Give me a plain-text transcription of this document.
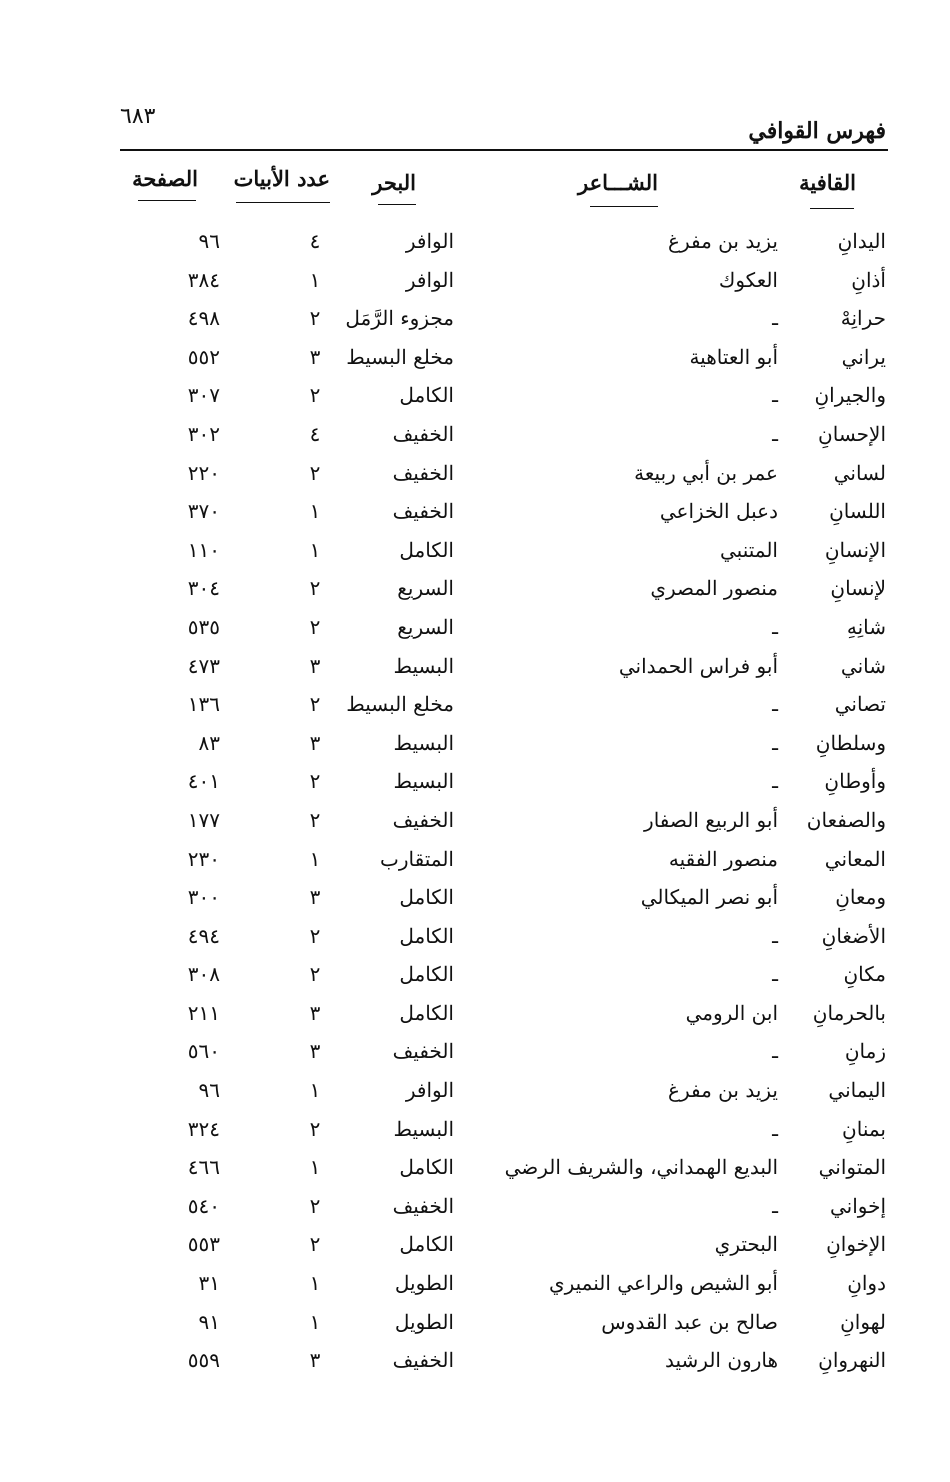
٦٨٣
فهرس القوافي
القافية
الشـــاعر
البحر
عدد الأبيات
الصفحة
اليدانِ
يزيد بن مفرغ
الوافر
٤
٩٦
أذانِ
العكوك
الوافر
١
٣٨٤
حرانِهْ
ـ
مجزوء الرَّمَل
٢
٤٩٨
يراني
أبو العتاهية
مخلع البسيط
٣
٥٥٢
والجيرانِ
ـ
الكامل
٢
٣٠٧
الإحسانِ
ـ
الخفيف
٤
٣٠٢
لساني
عمر بن أبي ربيعة
الخفيف
٢
٢٢٠
اللسانِ
دعبل الخزاعي
الخفيف
١
٣٧٠
الإنسانِ
المتنبي
الكامل
١
١١٠
لإنسانِ
منصور المصري
السريع
٢
٣٠٤
شانِهِ
ـ
السريع
٢
٥٣٥
شاني
أبو فراس الحمداني
البسيط
٣
٤٧٣
تصاني
ـ
مخلع البسيط
٢
١٣٦
وسلطانِ
ـ
البسيط
٣
٨٣
وأوطانِ
ـ
البسيط
٢
٤٠١
والصفعان
أبو الربيع الصفار
الخفيف
٢
١٧٧
المعاني
منصور الفقيه
المتقارب
١
٢٣٠
ومعانِ
أبو نصر الميكالي
الكامل
٣
٣٠٠
الأضغانِ
ـ
الكامل
٢
٤٩٤
مكانِ
ـ
الكامل
٢
٣٠٨
بالحرمانِ
ابن الرومي
الكامل
٣
٢١١
زمانِ
ـ
الخفيف
٣
٥٦٠
اليماني
يزيد بن مفرغ
الوافر
١
٩٦
بمنانِ
ـ
البسيط
٢
٣٢٤
المتواني
البديع الهمداني، والشريف الرضي
الكامل
١
٤٦٦
إخواني
ـ
الخفيف
٢
٥٤٠
الإخوانِ
البحتري
الكامل
٢
٥٥٣
دوانِ
أبو الشيص والراعي النميري
الطويل
١
٣١
لهوانِ
صالح بن عبد القدوس
الطويل
١
٩١
النهروانِ
هارون الرشيد
الخفيف
٣
٥٥٩
